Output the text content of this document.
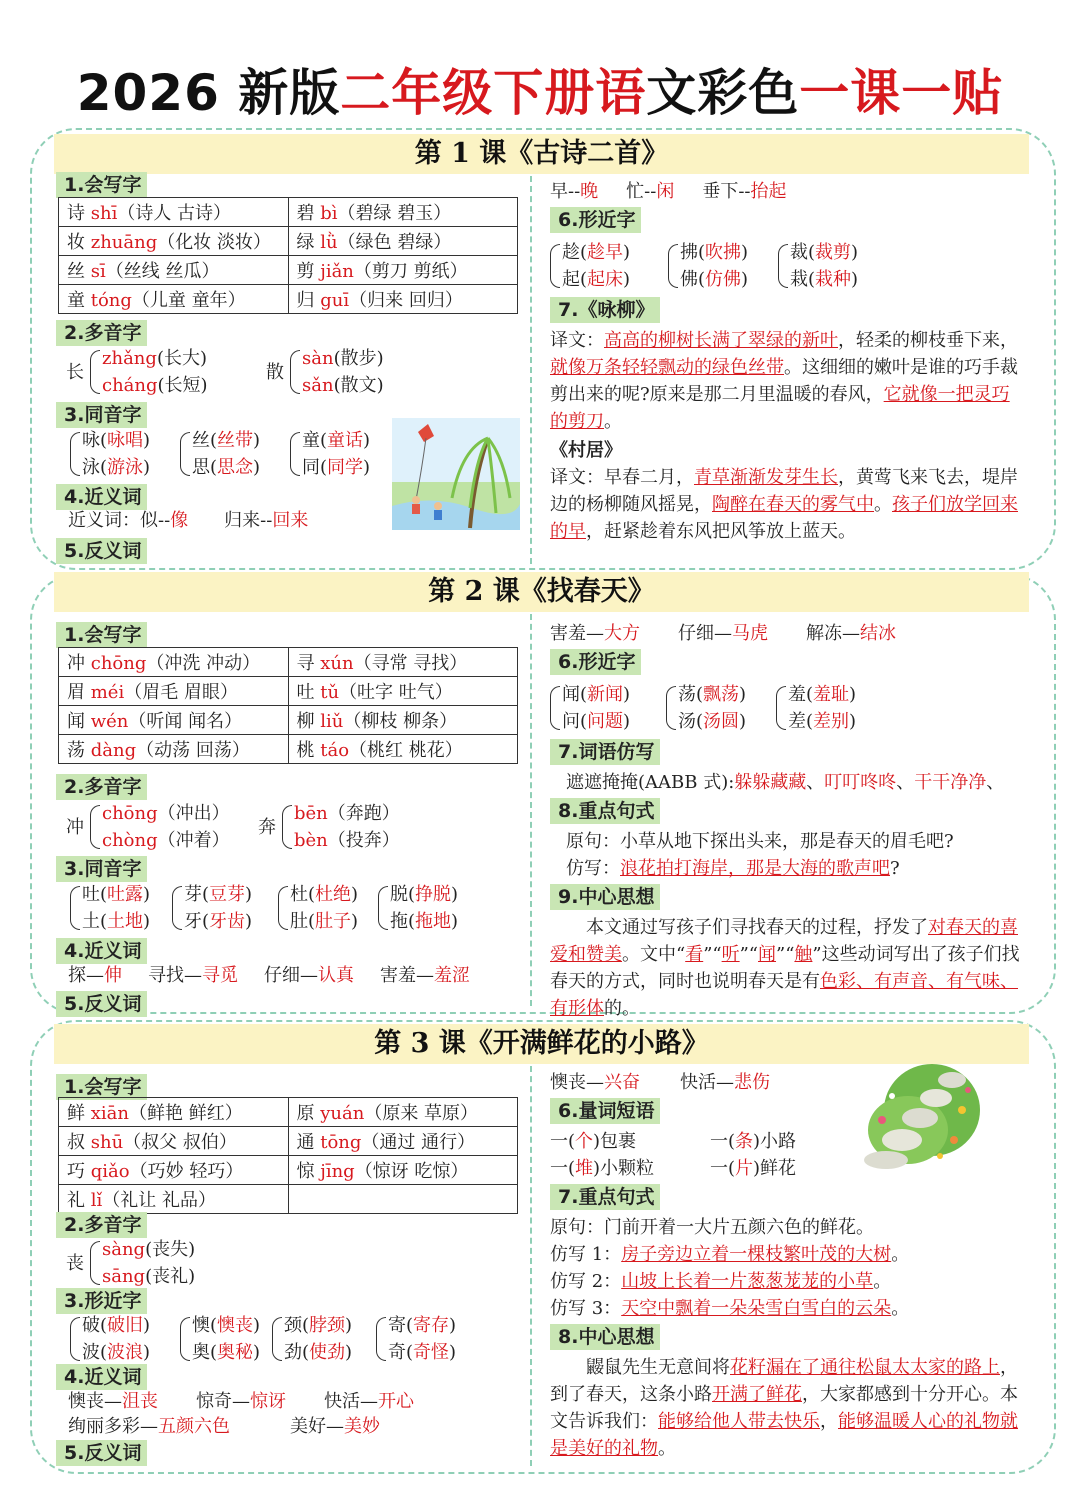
2026 新版二年级下册语文彩色一课一贴
第 1 课《古诗二首》
1.会写字
诗 shī（诗人 古诗）	碧 bì（碧绿 碧玉）
妆 zhuāng（化妆 淡妆）	绿 lǜ（绿色 碧绿）
丝 sī（丝线 丝瓜）	剪 jiǎn（剪刀 剪纸）
童 tóng（儿童 童年）	归 guī（归来 回归）
2.多音字
长
zhǎng(长大)
cháng(长短)
散
sàn(散步)
sǎn(散文)
3.同音字
咏(咏唱)
泳(游泳)
丝(丝带)
思(思念)
童(童话)
同(同学)
4.近义词
近义词：似--像 归来--回来
5.反义词

早--晚 忙--闲 垂下--抬起

6.形近字
趁(趁早)
起(起床)
拂(吹拂)
佛(仿佛)
裁(裁剪)
栽(栽种)
7.《咏柳》

译文：高高的柳树长满了翠绿的新叶，轻柔的柳枝垂下来，就像万条轻轻飘动的绿色丝带。这细细的嫩叶是谁的巧手裁剪出来的呢?原来是那二月里温暖的春风，它就像一把灵巧的剪刀。

《村居》

译文：早春二月，青草渐渐发芽生长，黄莺飞来飞去，堤岸边的杨柳随风摇晃，陶醉在春天的雾气中。孩子们放学回来的早，赶紧趁着东风把风筝放上蓝天。

第 2 课《找春天》
1.会写字
冲 chōng（冲洗 冲动）	寻 xún（寻常 寻找）
眉 méi（眉毛 眉眼）	吐 tǔ（吐字 吐气）
闻 wén（听闻 闻名）	柳 liǔ（柳枝 柳条）
荡 dàng（动荡 回荡）	桃 táo（桃红 桃花）
2.多音字
冲
chōng（冲出）
chòng（冲着）
奔
bēn（奔跑）
bèn（投奔）
3.同音字
吐(吐露)
土(土地)
芽(豆芽)
牙(牙齿)
杜(杜绝)
肚(肚子)
脱(挣脱)
拖(拖地)
4.近义词
探—伸 寻找—寻觅 仔细—认真 害羞—羞涩
5.反义词

害羞—大方 仔细—马虎 解冻—结冰

6.形近字
闻(新闻)
问(问题)
荡(飘荡)
汤(汤圆)
羞(羞耻)
差(差别)
7.词语仿写

遮遮掩掩(AABB 式):躲躲藏藏、叮叮咚咚、干干净净、

8.重点句式

原句：小草从地下探出头来，那是春天的眉毛吧?

仿写：浪花拍打海岸，那是大海的歌声吧?

9.中心思想

本文通过写孩子们寻找春天的过程，抒发了对春天的喜爱和赞美。文中“看”“听”“闻”“触”这些动词写出了孩子们找春天的方式，同时也说明春天是有色彩、有声音、有气味、有形体的。

第 3 课《开满鲜花的小路》
1.会写字
鲜 xiān（鲜艳 鲜红）	原 yuán（原来 草原）
叔 shū（叔父 叔伯）	通 tōng（通过 通行）
巧 qiǎo（巧妙 轻巧）	惊 jīng（惊讶 吃惊）
礼 lǐ（礼让 礼品）	
2.多音字
丧
sàng(丧失)
sāng(丧礼)
3.形近字
破(破旧)
波(波浪)
懊(懊丧)
奥(奥秘)
颈(脖颈)
劲(使劲)
寄(寄存)
奇(奇怪)
4.近义词
懊丧—沮丧 惊奇—惊讶 快活—开心
绚丽多彩—五颜六色	美好—美妙
5.反义词

懊丧—兴奋 快活—悲伤

6.量词短语
一(个)包裹	一(条)小路
一(堆)小颗粒	一(片)鲜花
7.重点句式

原句：门前开着一大片五颜六色的鲜花。

仿写 1：房子旁边立着一棵枝繁叶茂的大树。

仿写 2：山坡上长着一片葱葱茏茏的小草。

仿写 3：天空中飘着一朵朵雪白雪白的云朵。

8.中心思想

鼹鼠先生无意间将花籽漏在了通往松鼠太太家的路上，到了春天，这条小路开满了鲜花，大家都感到十分开心。本文告诉我们：能够给他人带去快乐，能够温暖人心的礼物就是美好的礼物。
